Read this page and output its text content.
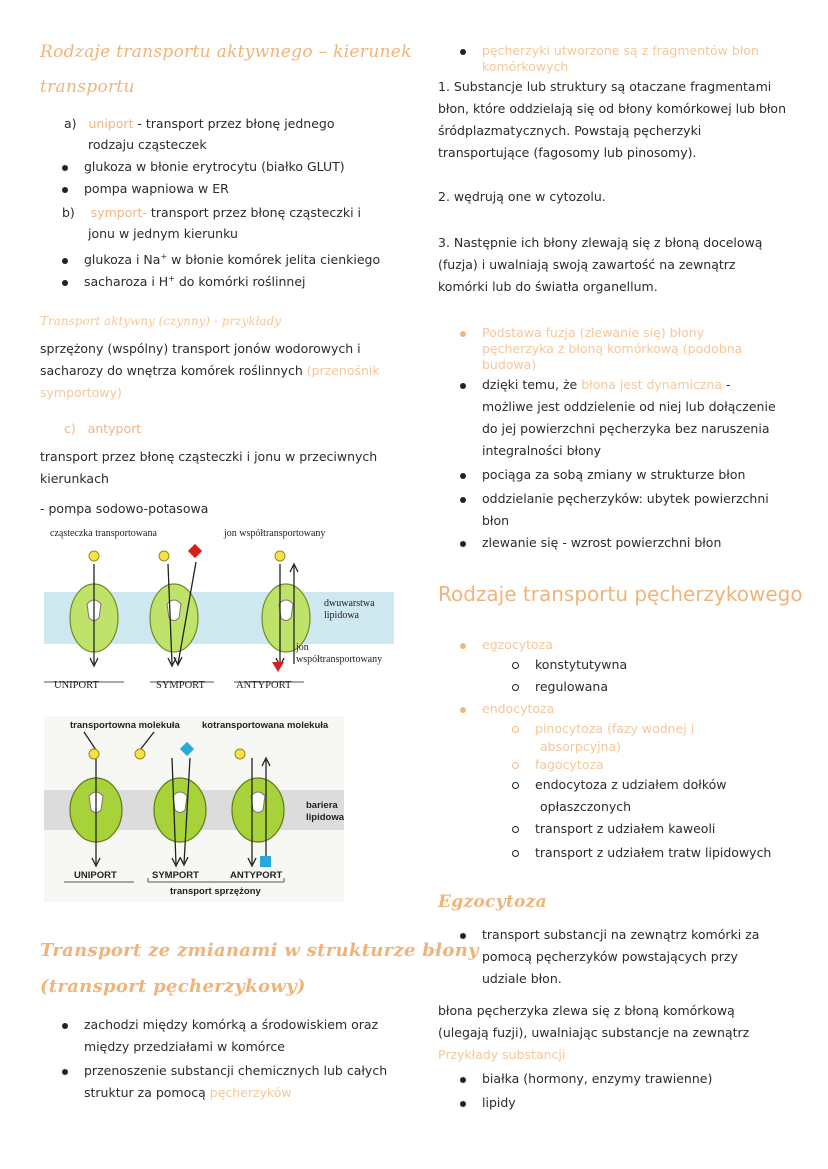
Rodzaje transportu aktywnego – kierunek
transportu
a) uniport - transport przez błonę jednego
rodzaju cząsteczek
glukoza w błonie erytrocytu (białko GLUT)
pompa wapniowa w ER
b) symport- transport przez błonę cząsteczki i
jonu w jednym kierunku
glukoza i Na+ w błonie komórek jelita cienkiego
sacharoza i H+ do komórki roślinnej
Transport aktywny (czynny) - przykłady
sprzężony (wspólny) transport jonów wodorowych i
sacharozy do wnętrza komórek roślinnych (przenośnik
symportowy)
c) antyport
transport przez błonę cząsteczki i jonu w przeciwnych
kierunkach
- pompa sodowo-potasowa
cząsteczka transportowana	jon współtransportowany
dwuwarstwa
lipidowa
jon
współtransportowany
UNIPORT	SYMPORT	ANTYPORT
transportowna molekuła kotransportowana molekuła
bariera
lipidowa
UNIPORT	SYMPORT	ANTYPORT
transport sprzężony
Transport ze zmianami w strukturze błony
(transport pęcherzykowy)
zachodzi między komórką a środowiskiem oraz
między przedziałami w komórce
przenoszenie substancji chemicznych lub całych
struktur za pomocą pęcherzyków
pęcherzyki utworzone są z fragmentów błon
komórkowych
1. Substancje lub struktury są otaczane fragmentami
błon, które oddzielają się od błony komórkowej lub błon
śródplazmatycznych. Powstają pęcherzyki
transportujące (fagosomy lub pinosomy).
2. wędrują one w cytozolu.
3. Następnie ich błony zlewają się z błoną docelową
(fuzja) i uwalniają swoją zawartość na zewnątrz
komórki lub do światła organellum.
Podstawa fuzja (zlewanie się) błony
pęcherzyka z błoną komórkową (podobna
budowa)
dzięki temu, że błona jest dynamiczna -
możliwe jest oddzielenie od niej lub dołączenie
do jej powierzchni pęcherzyka bez naruszenia
integralności błony
pociąga za sobą zmiany w strukturze błon
oddzielanie pęcherzyków: ubytek powierzchni
błon
zlewanie się - wzrost powierzchni błon
Rodzaje transportu pęcherzykowego
egzocytoza
konstytutywna
regulowana
endocytoza
pinocytoza (fazy wodnej i
absorpcyjna)
fagocytoza
endocytoza z udziałem dołków
opłaszczonych
transport z udziałem kaweoli
transport z udziałem tratw lipidowych
Egzocytoza
transport substancji na zewnątrz komórki za
pomocą pęcherzyków powstających przy
udziale błon.
błona pęcherzyka zlewa się z błoną komórkową
(ulegają fuzji), uwalniając substancje na zewnątrz
Przykłady substancji
białka (hormony, enzymy trawienne)
lipidy
